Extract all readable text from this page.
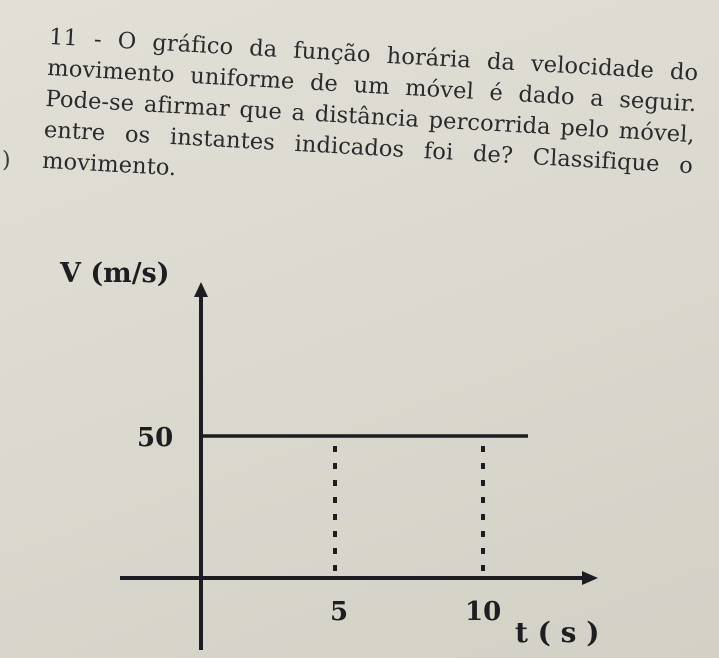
)

11 - O gráfico da função horária da velocidade do movimento uniforme de um móvel é dado a seguir. Pode-se afirmar que a distância percorrida pelo móvel, entre os instantes indicados foi de? Classifique o movimento.

50
5	10
V (m/s)
t ( s )
